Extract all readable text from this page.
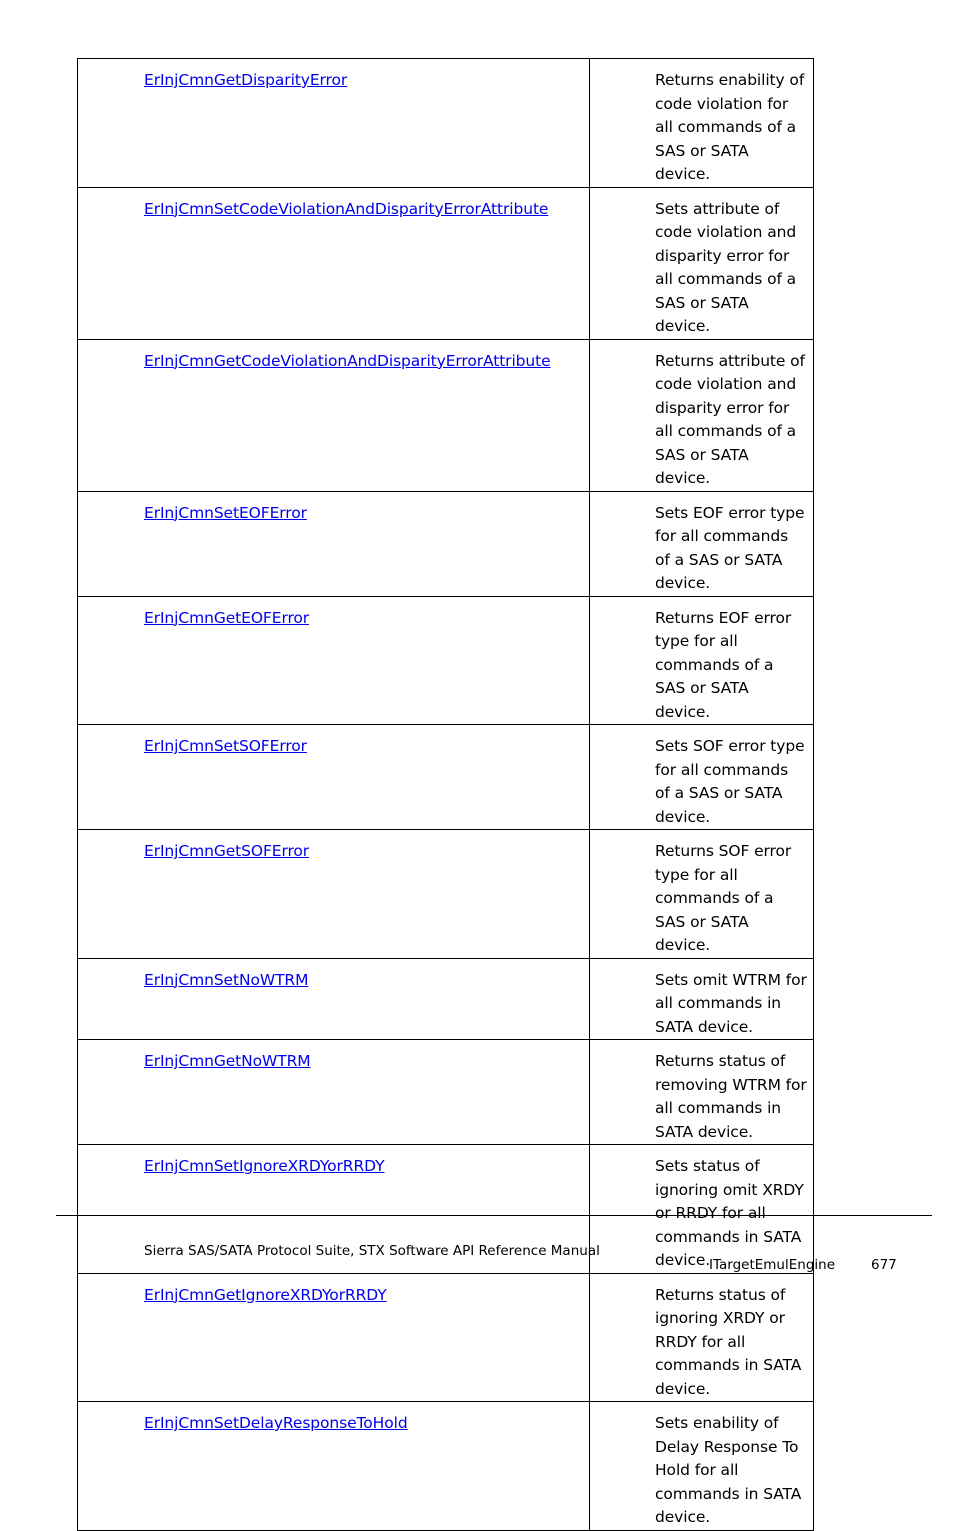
ErInjCmnGetDisparityError	Returns enability of code violation for all commands of a SAS or SATA device.

ErInjCmnSetCodeViolationAndDisparityErrorAttribute	Sets attribute of code violation and disparity error for all commands of a SAS or SATA device.

ErInjCmnGetCodeViolationAndDisparityErrorAttribute	Returns attribute of code violation and disparity error for all commands of a SAS or SATA device.

ErInjCmnSetEOFError	Sets EOF error type for all commands of a SAS or SATA device.

ErInjCmnGetEOFError	Returns EOF error type for all commands of a SAS or SATA device.

ErInjCmnSetSOFError	Sets SOF error type for all commands of a SAS or SATA device.

ErInjCmnGetSOFError	Returns SOF error type for all commands of a SAS or SATA device.

ErInjCmnSetNoWTRM	Sets omit WTRM for all commands in SATA device.

ErInjCmnGetNoWTRM	Returns status of removing WTRM for all commands in SATA device.

ErInjCmnSetIgnoreXRDYorRRDY	Sets status of ignoring omit XRDY or RRDY for all commands in SATA device.

ErInjCmnGetIgnoreXRDYorRRDY	Returns status of ignoring XRDY or RRDY for all commands in SATA device.

ErInjCmnSetDelayResponseToHold	Sets enability of Delay Response To Hold for all commands in SATA device.
Sierra SAS/SATA Protocol Suite, STX Software API Reference Manual
ITargetEmulEngine	677
